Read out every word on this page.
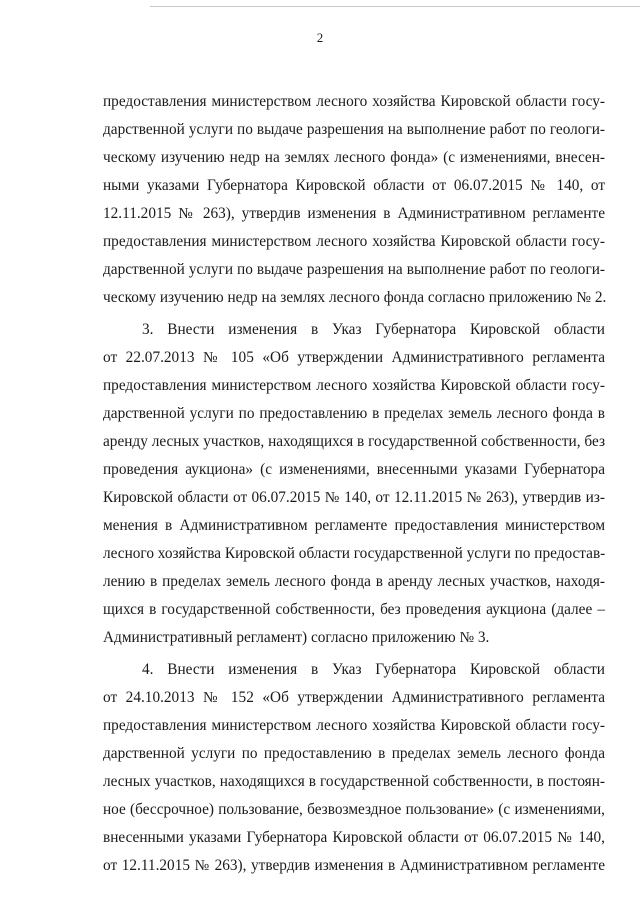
2
предоставления министерством лесного хозяйства Кировской области госу-
дарственной услуги по выдаче разрешения на выполнение работ по геологи-
ческому изучению недр на землях лесного фонда» (с изменениями, внесен-
ными указами Губернатора Кировской области от 06.07.2015 № 140, от
12.11.2015 № 263), утвердив изменения в Административном регламенте
предоставления министерством лесного хозяйства Кировской области госу-
дарственной услуги по выдаче разрешения на выполнение работ по геологи-
ческому изучению недр на землях лесного фонда согласно приложению № 2.
3. Внести изменения в Указ Губернатора Кировской области
от 22.07.2013 № 105 «Об утверждении Административного регламента
предоставления министерством лесного хозяйства Кировской области госу-
дарственной услуги по предоставлению в пределах земель лесного фонда в
аренду лесных участков, находящихся в государственной собственности, без
проведения аукциона» (с изменениями, внесенными указами Губернатора
Кировской области от 06.07.2015 № 140, от 12.11.2015 № 263), утвердив из-
менения в Административном регламенте предоставления министерством
лесного хозяйства Кировской области государственной услуги по предостав-
лению в пределах земель лесного фонда в аренду лесных участков, находя-
щихся в государственной собственности, без проведения аукциона (далее –
Административный регламент) согласно приложению № 3.
4. Внести изменения в Указ Губернатора Кировской области
от 24.10.2013 № 152 «Об утверждении Административного регламента
предоставления министерством лесного хозяйства Кировской области госу-
дарственной услуги по предоставлению в пределах земель лесного фонда
лесных участков, находящихся в государственной собственности, в постоян-
ное (бессрочное) пользование, безвозмездное пользование» (с изменениями,
внесенными указами Губернатора Кировской области от 06.07.2015 № 140,
от 12.11.2015 № 263), утвердив изменения в Административном регламенте
